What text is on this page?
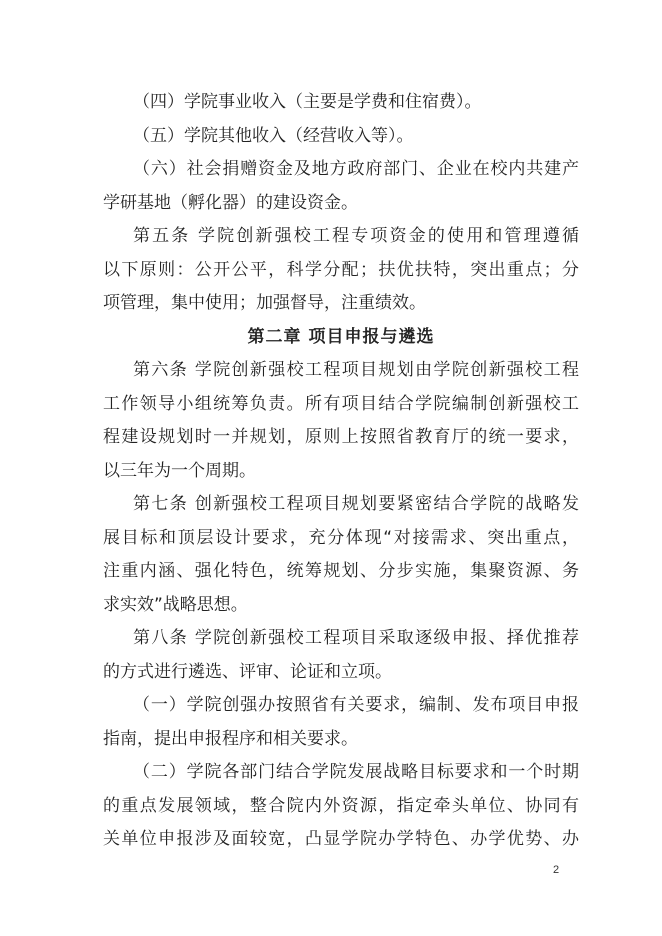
（四）学院事业收入（主要是学费和住宿费）。
（五）学院其他收入（经营收入等）。
（六）社会捐赠资金及地方政府部门、企业在校内共建产
学研基地（孵化器）的建设资金。
第五条 学院创新强校工程专项资金的使用和管理遵循
以下原则：公开公平，科学分配；扶优扶特，突出重点；分
项管理，集中使用；加强督导，注重绩效。
第二章 项目申报与遴选
第六条 学院创新强校工程项目规划由学院创新强校工程
工作领导小组统筹负责。所有项目结合学院编制创新强校工
程建设规划时一并规划，原则上按照省教育厅的统一要求，
以三年为一个周期。
第七条 创新强校工程项目规划要紧密结合学院的战略发
展目标和顶层设计要求，充分体现“对接需求、突出重点，
注重内涵、强化特色，统筹规划、分步实施，集聚资源、务
求实效”战略思想。
第八条 学院创新强校工程项目采取逐级申报、择优推荐
的方式进行遴选、评审、论证和立项。
（一）学院创强办按照省有关要求，编制、发布项目申报
指南，提出申报程序和相关要求。
（二）学院各部门结合学院发展战略目标要求和一个时期
的重点发展领域，整合院内外资源，指定牵头单位、协同有
关单位申报涉及面较宽，凸显学院办学特色、办学优势、办
2
